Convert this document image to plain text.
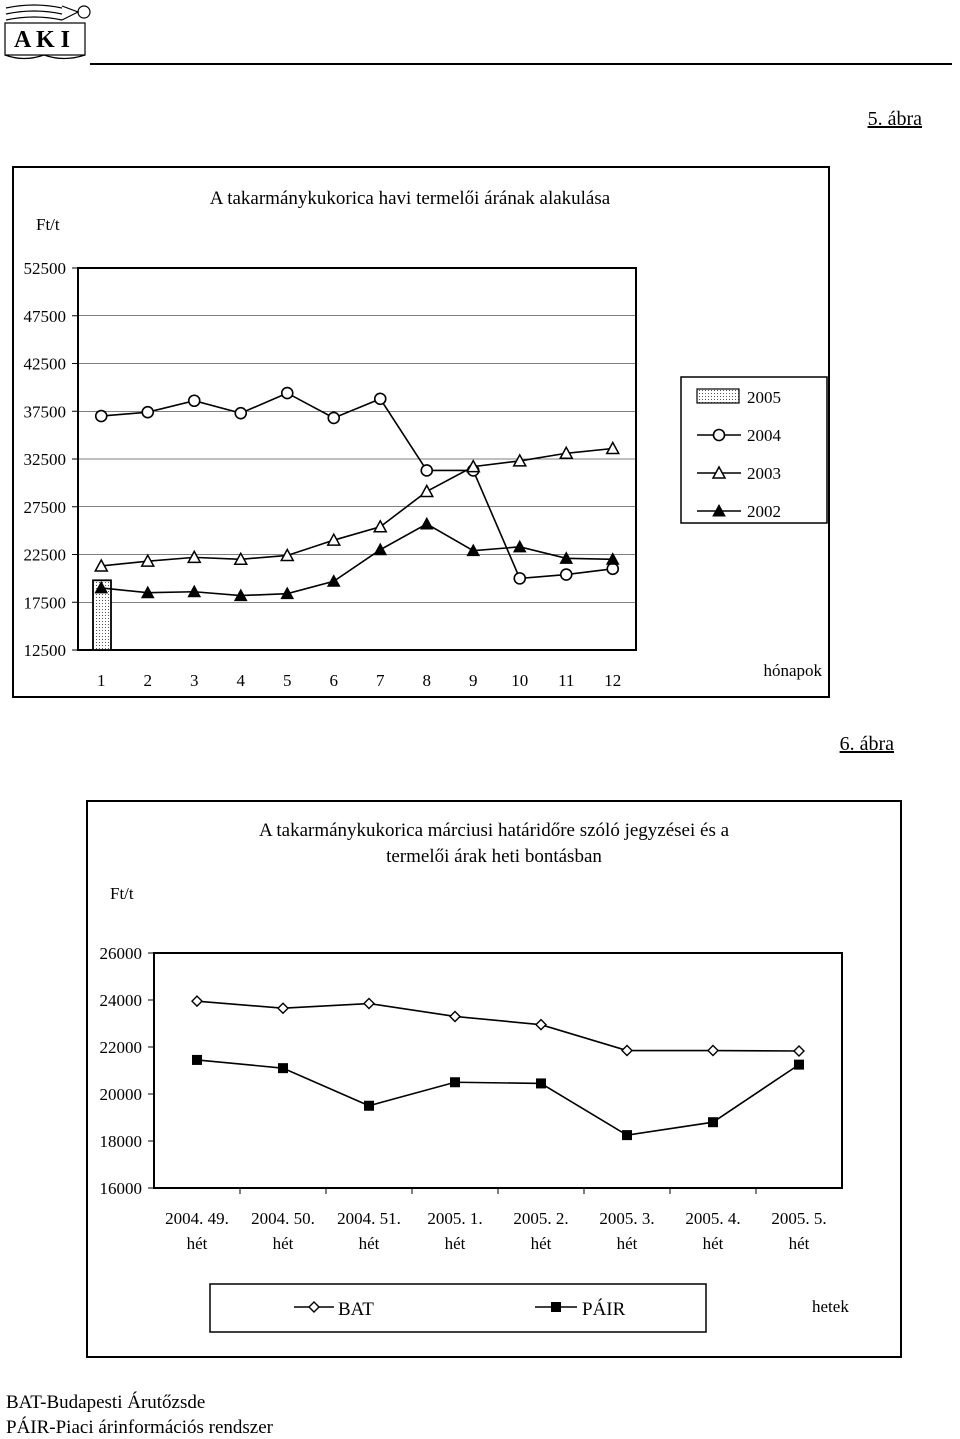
A K I
5. ábra
Ft/t
A takarmánykukorica havi termelői árának alakulása
12500
17500
22500
27500
32500
37500
42500
47500
52500
1 2 3 4 5 6 7 8 9 10 11 12
hónapok
2005
2004
2003
2002
6. ábra
A takarmánykukorica márciusi határidőre szóló jegyzései és a
termelői árak heti bontásban
Ft/t
16000
18000
20000
22000
24000
26000
2004. 49.
hét
2004. 50.
hét
2004. 51.
hét
2005. 1.
hét
2005. 2.
hét
2005. 3.
hét
2005. 4.
hét
2005. 5.
hét
BAT	PÁIR	hetek
BAT-Budapesti Árutőzsde
PÁIR-Piaci árinformációs rendszer
